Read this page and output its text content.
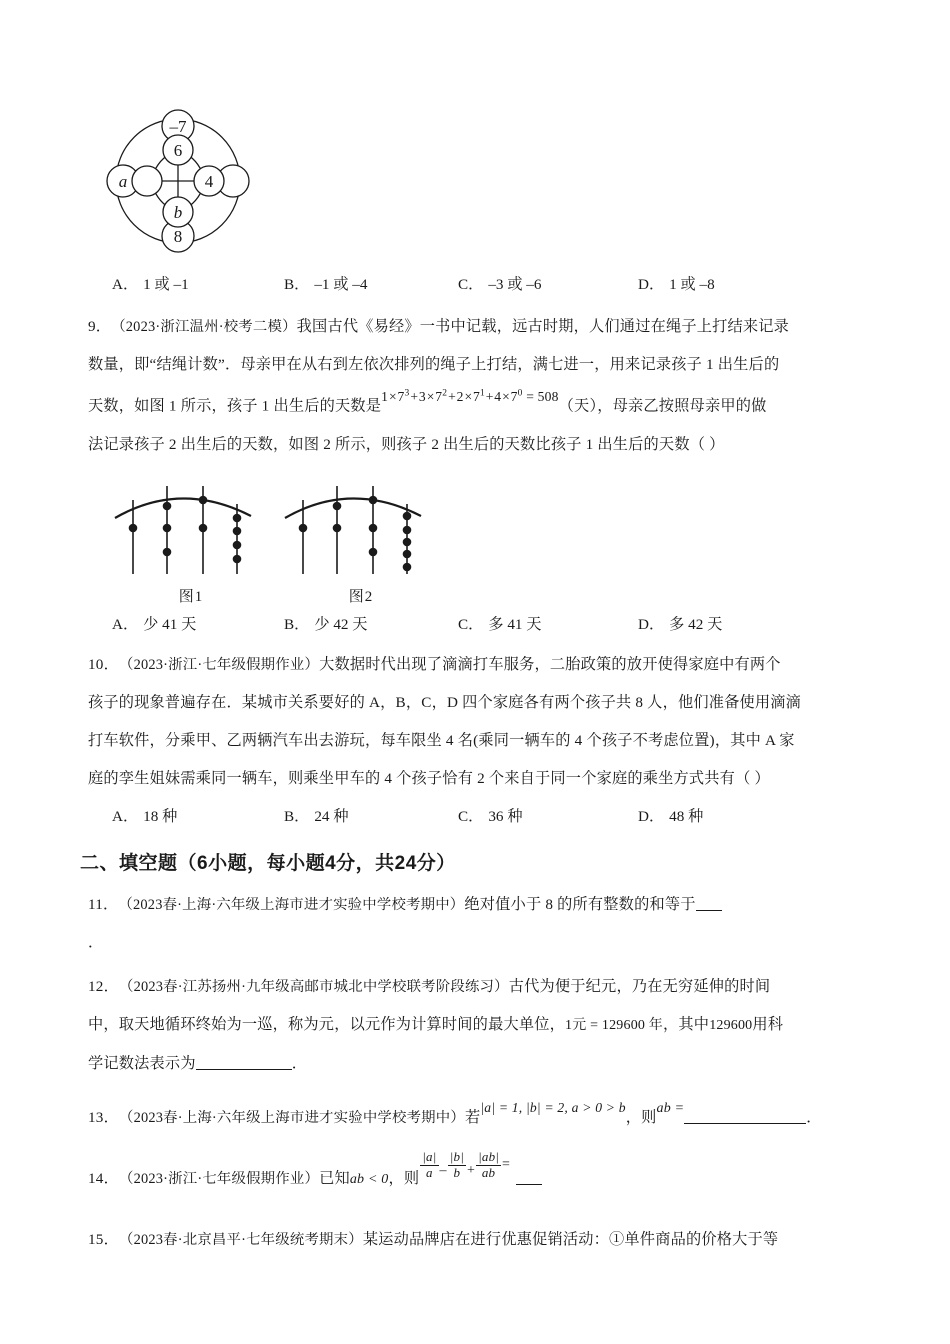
–7
a
8
6
4
b
A． 1 或 –1	B． –1 或 –4	C． –3 或 –6	D． 1 或 –8
9．（2023·浙江温州·校考二模）我国古代《易经》一书中记载，远古时期，人们通过在绳子上打结来记录
数量，即“结绳计数”．母亲甲在从右到左依次排列的绳子上打结，满七进一，用来记录孩子 1 出生后的
天数，如图 1 所示，孩子 1 出生后的天数是$1\times 7^3+3\times 7^2+2\times 7^1+4\times 7^0 = 508$（天），母亲乙按照母亲甲的做
法记录孩子 2 出生后的天数，如图 2 所示，则孩子 2 出生后的天数比孩子 1 出生后的天数（ ）
图1	图2
A． 少 41 天	B． 少 42 天	C． 多 41 天	D． 多 42 天
10．（2023·浙江·七年级假期作业）大数据时代出现了滴滴打车服务，二胎政策的放开使得家庭中有两个
孩子的现象普遍存在．某城市关系要好的 A，B，C，D 四个家庭各有两个孩子共 8 人，他们准备使用滴滴
打车软件，分乘甲、乙两辆汽车出去游玩，每车限坐 4 名(乘同一辆车的 4 个孩子不考虑位置)，其中 A 家
庭的孪生姐妹需乘同一辆车，则乘坐甲车的 4 个孩子恰有 2 个来自于同一个家庭的乘坐方式共有（ ）
A． 18 种	B． 24 种	C． 36 种	D． 48 种
二、填空题（6小题，每小题4分，共24分）
11．（2023春·上海·六年级上海市进才实验中学校考期中）绝对值小于 8 的所有整数的和等于
．
12．（2023春·江苏扬州·九年级高邮市城北中学校联考阶段练习）古代为便于纪元，乃在无穷延伸的时间
中，取天地循环终始为一巡，称为元，以元作为计算时间的最大单位，1元 = 129600 年，其中129600用科
学记数法表示为	．
13．（2023春·上海·六年级上海市进才实验中学校考期中）若|a| = 1, |b| = 2, a > 0 > b，则ab =．
14．（2023·浙江·七年级假期作业）已知ab < 0，则 $\frac{|a|}{a} - \frac{|b|}{b} + \frac{|ab|}{ab}$ =
15．（2023春·北京昌平·七年级统考期末）某运动品牌店在进行优惠促销活动：①单件商品的价格大于等
